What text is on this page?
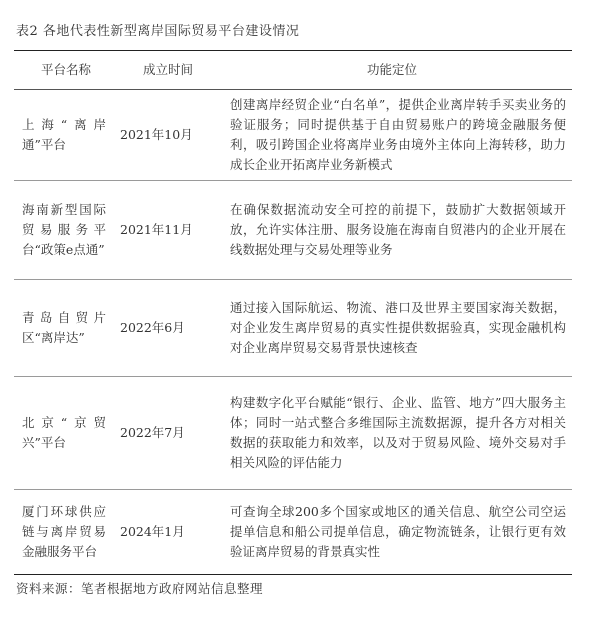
表2 各地代表性新型离岸国际贸易平台建设情况
平台名称	成立时间	功能定位
上海“离岸通”平台
2021年10月
创建离岸经贸企业“白名单”，提供企业离岸转手买卖业务的验证服务；同时提供基于自由贸易账户的跨境金融服务便利，吸引跨国企业将离岸业务由境外主体向上海转移，助力成长企业开拓离岸业务新模式
海南新型国际贸易服务平台“政策e点通”
2021年11月
在确保数据流动安全可控的前提下，鼓励扩大数据领域开放，允许实体注册、服务设施在海南自贸港内的企业开展在线数据处理与交易处理等业务
青岛自贸片区“离岸达”
2022年6月
通过接入国际航运、物流、港口及世界主要国家海关数据，对企业发生离岸贸易的真实性提供数据验真，实现金融机构对企业离岸贸易交易背景快速核查
北京“京贸兴”平台
2022年7月
构建数字化平台赋能“银行、企业、监管、地方”四大服务主体；同时一站式整合多维国际主流数据源，提升各方对相关数据的获取能力和效率，以及对于贸易风险、境外交易对手相关风险的评估能力
厦门环球供应链与离岸贸易金融服务平台
2024年1月
可查询全球200多个国家或地区的通关信息、航空公司空运提单信息和船公司提单信息，确定物流链条，让银行更有效验证离岸贸易的背景真实性
资料来源：笔者根据地方政府网站信息整理
